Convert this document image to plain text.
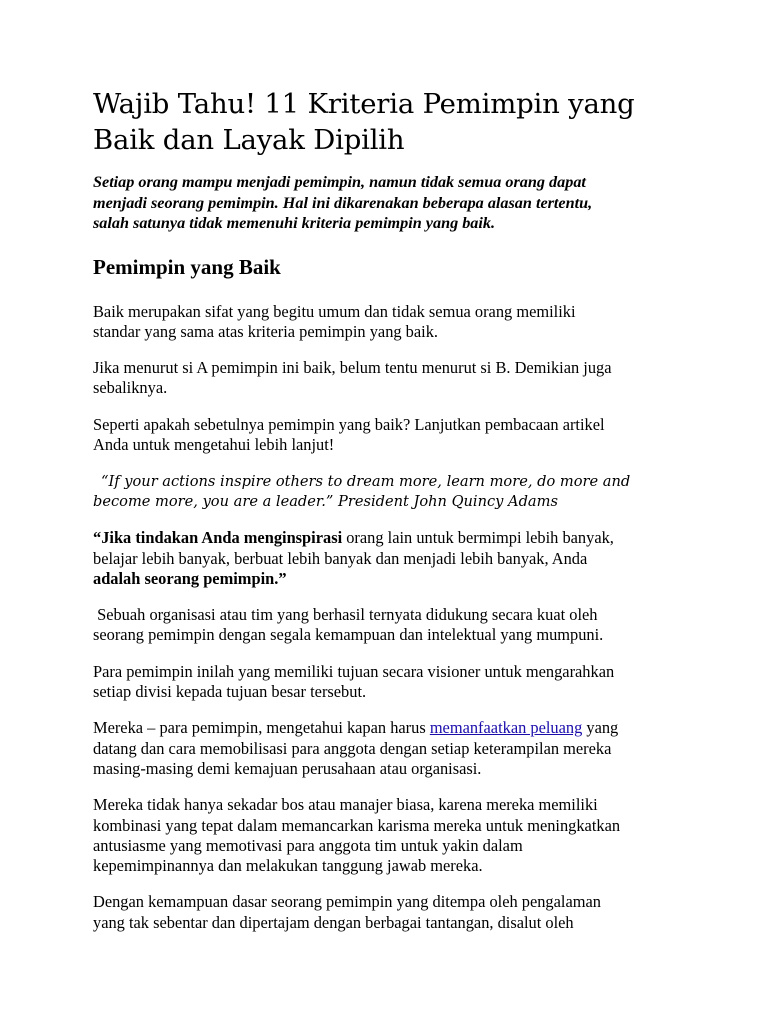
Wajib Tahu! 11 Kriteria Pemimpin yang
Baik dan Layak Dipilih

Setiap orang mampu menjadi pemimpin, namun tidak semua orang dapat
menjadi seorang pemimpin. Hal ini dikarenakan beberapa alasan tertentu,
salah satunya tidak memenuhi kriteria pemimpin yang baik.

Pemimpin yang Baik

Baik merupakan sifat yang begitu umum dan tidak semua orang memiliki
standar yang sama atas kriteria pemimpin yang baik.

Jika menurut si A pemimpin ini baik, belum tentu menurut si B. Demikian juga
sebaliknya.

Seperti apakah sebetulnya pemimpin yang baik? Lanjutkan pembacaan artikel
Anda untuk mengetahui lebih lanjut!

“If your actions inspire others to dream more, learn more, do more and
become more, you are a leader.” President John Quincy Adams

“Jika tindakan Anda menginspirasi orang lain untuk bermimpi lebih banyak,
belajar lebih banyak, berbuat lebih banyak dan menjadi lebih banyak, Anda
adalah seorang pemimpin.”

Sebuah organisasi atau tim yang berhasil ternyata didukung secara kuat oleh
seorang pemimpin dengan segala kemampuan dan intelektual yang mumpuni.

Para pemimpin inilah yang memiliki tujuan secara visioner untuk mengarahkan
setiap divisi kepada tujuan besar tersebut.

Mereka – para pemimpin, mengetahui kapan harus memanfaatkan peluang yang
datang dan cara memobilisasi para anggota dengan setiap keterampilan mereka
masing-masing demi kemajuan perusahaan atau organisasi.

Mereka tidak hanya sekadar bos atau manajer biasa, karena mereka memiliki
kombinasi yang tepat dalam memancarkan karisma mereka untuk meningkatkan
antusiasme yang memotivasi para anggota tim untuk yakin dalam
kepemimpinannya dan melakukan tanggung jawab mereka.

Dengan kemampuan dasar seorang pemimpin yang ditempa oleh pengalaman
yang tak sebentar dan dipertajam dengan berbagai tantangan, disalut oleh
